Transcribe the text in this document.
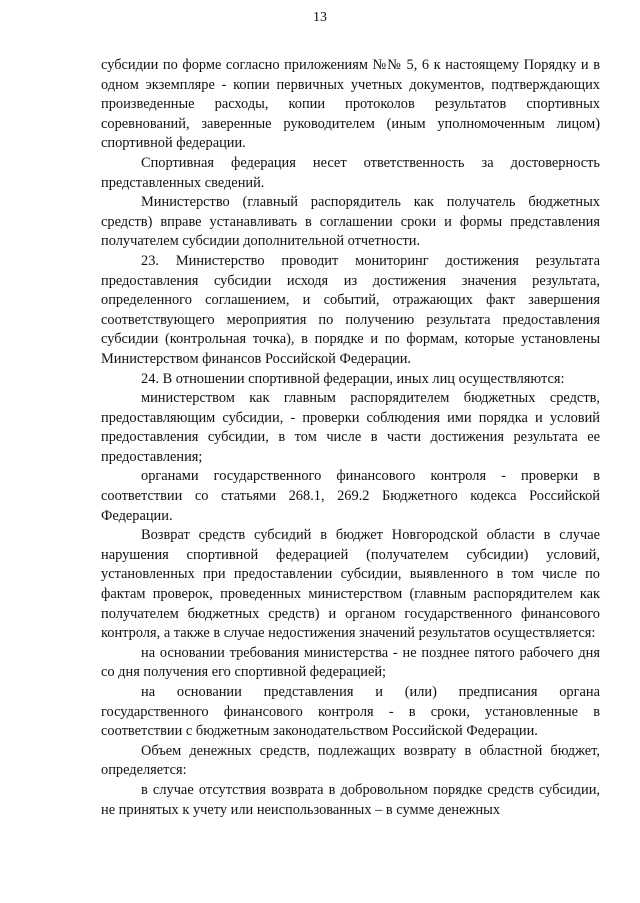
13

субсидии по форме согласно приложениям №№ 5, 6 к настоящему Порядку и в одном экземпляре - копии первичных учетных документов, подтверждающих произведенные расходы, копии протоколов результатов спортивных соревнований, заверенные руководителем (иным уполномоченным лицом) спортивной федерации.

Спортивная федерация несет ответственность за достоверность представленных сведений.

Министерство (главный распорядитель как получатель бюджетных средств) вправе устанавливать в соглашении сроки и формы представления получателем субсидии дополнительной отчетности.

23. Министерство проводит мониторинг достижения результата предоставления субсидии исходя из достижения значения результата, определенного соглашением, и событий, отражающих факт завершения соответствующего мероприятия по получению результата предоставления субсидии (контрольная точка), в порядке и по формам, которые установлены Министерством финансов Российской Федерации.

24. В отношении спортивной федерации, иных лиц осуществляются:

министерством как главным распорядителем бюджетных средств, предоставляющим субсидии, - проверки соблюдения ими порядка и условий предоставления субсидии, в том числе в части достижения результата ее предоставления;

органами государственного финансового контроля - проверки в соответствии со статьями 268.1, 269.2 Бюджетного кодекса Российской Федерации.

Возврат средств субсидий в бюджет Новгородской области в случае нарушения спортивной федерацией (получателем субсидии) условий, установленных при предоставлении субсидии, выявленного в том числе по фактам проверок, проведенных министерством (главным распорядителем как получателем бюджетных средств) и органом государственного финансового контроля, а также в случае недостижения значений результатов осуществляется:

на основании требования министерства - не позднее пятого рабочего дня со дня получения его спортивной федерацией;

на основании представления и (или) предписания органа государственного финансового контроля - в сроки, установленные в соответствии с бюджетным законодательством Российской Федерации.

Объем денежных средств, подлежащих возврату в областной бюджет, определяется:

в случае отсутствия возврата в добровольном порядке средств субсидии, не принятых к учету или неиспользованных – в сумме денежных
